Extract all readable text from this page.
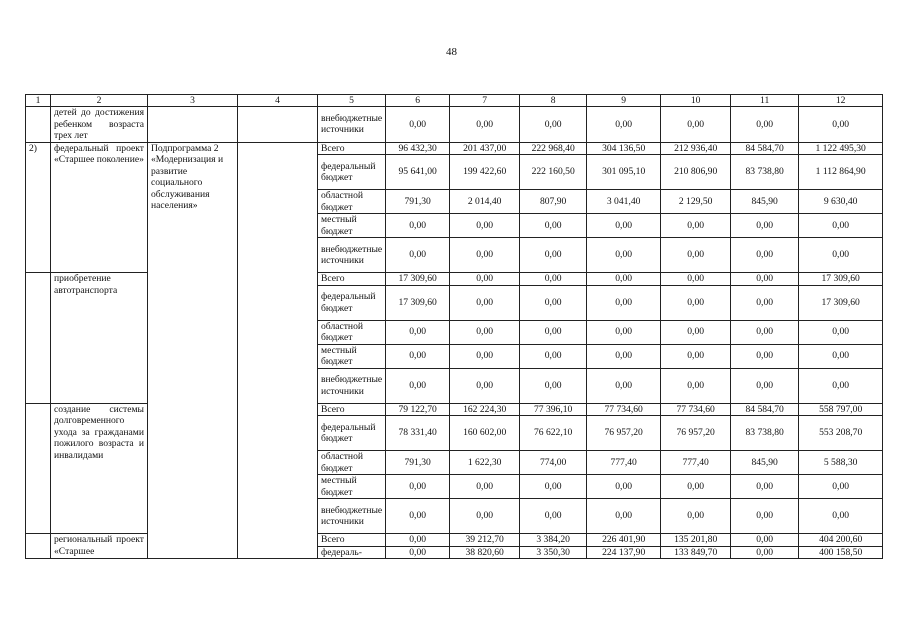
48
1	2	3	4	5	6	7	8	9	10	11	12
	детей до достижения ребенком возраста трех лет			внебюджетные источники	0,00	0,00	0,00	0,00	0,00	0,00	0,00
2)	федеральный проект «Старшее поколение»	Подпрограмма 2 «Модернизация и развитие социального обслуживания населения»		Всего	96 432,30	201 437,00	222 968,40	304 136,50	212 936,40	84 584,70	1 122 495,30
				федеральный бюджет	95 641,00	199 422,60	222 160,50	301 095,10	210 806,90	83 738,80	1 112 864,90
				областной бюджет	791,30	2 014,40	807,90	3 041,40	2 129,50	845,90	9 630,40
				местный бюджет	0,00	0,00	0,00	0,00	0,00	0,00	0,00
				внебюджетные источники	0,00	0,00	0,00	0,00	0,00	0,00	0,00
	приобретение автотранспорта			Всего	17 309,60	0,00	0,00	0,00	0,00	0,00	17 309,60
				федеральный бюджет	17 309,60	0,00	0,00	0,00	0,00	0,00	17 309,60
				областной бюджет	0,00	0,00	0,00	0,00	0,00	0,00	0,00
				местный бюджет	0,00	0,00	0,00	0,00	0,00	0,00	0,00
				внебюджетные источники	0,00	0,00	0,00	0,00	0,00	0,00	0,00
	создание системы долговременного ухода за гражданами пожилого возраста и инвалидами			Всего	79 122,70	162 224,30	77 396,10	77 734,60	77 734,60	84 584,70	558 797,00
				федеральный бюджет	78 331,40	160 602,00	76 622,10	76 957,20	76 957,20	83 738,80	553 208,70
				областной бюджет	791,30	1 622,30	774,00	777,40	777,40	845,90	5 588,30
				местный бюджет	0,00	0,00	0,00	0,00	0,00	0,00	0,00
				внебюджетные источники	0,00	0,00	0,00	0,00	0,00	0,00	0,00
	региональный проект «Старшее			Всего	0,00	39 212,70	3 384,20	226 401,90	135 201,80	0,00	404 200,60
				федераль-	0,00	38 820,60	3 350,30	224 137,90	133 849,70	0,00	400 158,50
